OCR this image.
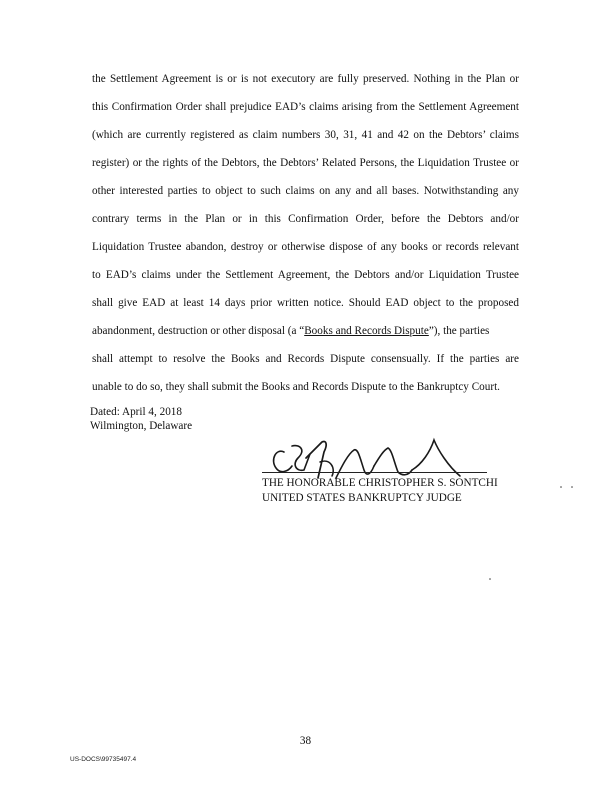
the Settlement Agreement is or is not executory are fully preserved. Nothing in the Plan or
this Confirmation Order shall prejudice EAD’s claims arising from the Settlement Agreement
(which are currently registered as claim numbers 30, 31, 41 and 42 on the Debtors’ claims
register) or the rights of the Debtors, the Debtors’ Related Persons, the Liquidation Trustee or
other interested parties to object to such claims on any and all bases. Notwithstanding any
contrary terms in the Plan or in this Confirmation Order, before the Debtors and/or
Liquidation Trustee abandon, destroy or otherwise dispose of any books or records relevant
to EAD’s claims under the Settlement Agreement, the Debtors and/or Liquidation Trustee
shall give EAD at least 14 days prior written notice. Should EAD object to the proposed
abandonment, destruction or other disposal (a “Books and Records Dispute”), the parties
shall attempt to resolve the Books and Records Dispute consensually. If the parties are
unable to do so, they shall submit the Books and Records Dispute to the Bankruptcy Court.
Dated: April 4, 2018
Wilmington, Delaware
THE HONORABLE CHRISTOPHER S. SONTCHI
UNITED STATES BANKRUPTCY JUDGE
38
US-DOCS\99735497.4
